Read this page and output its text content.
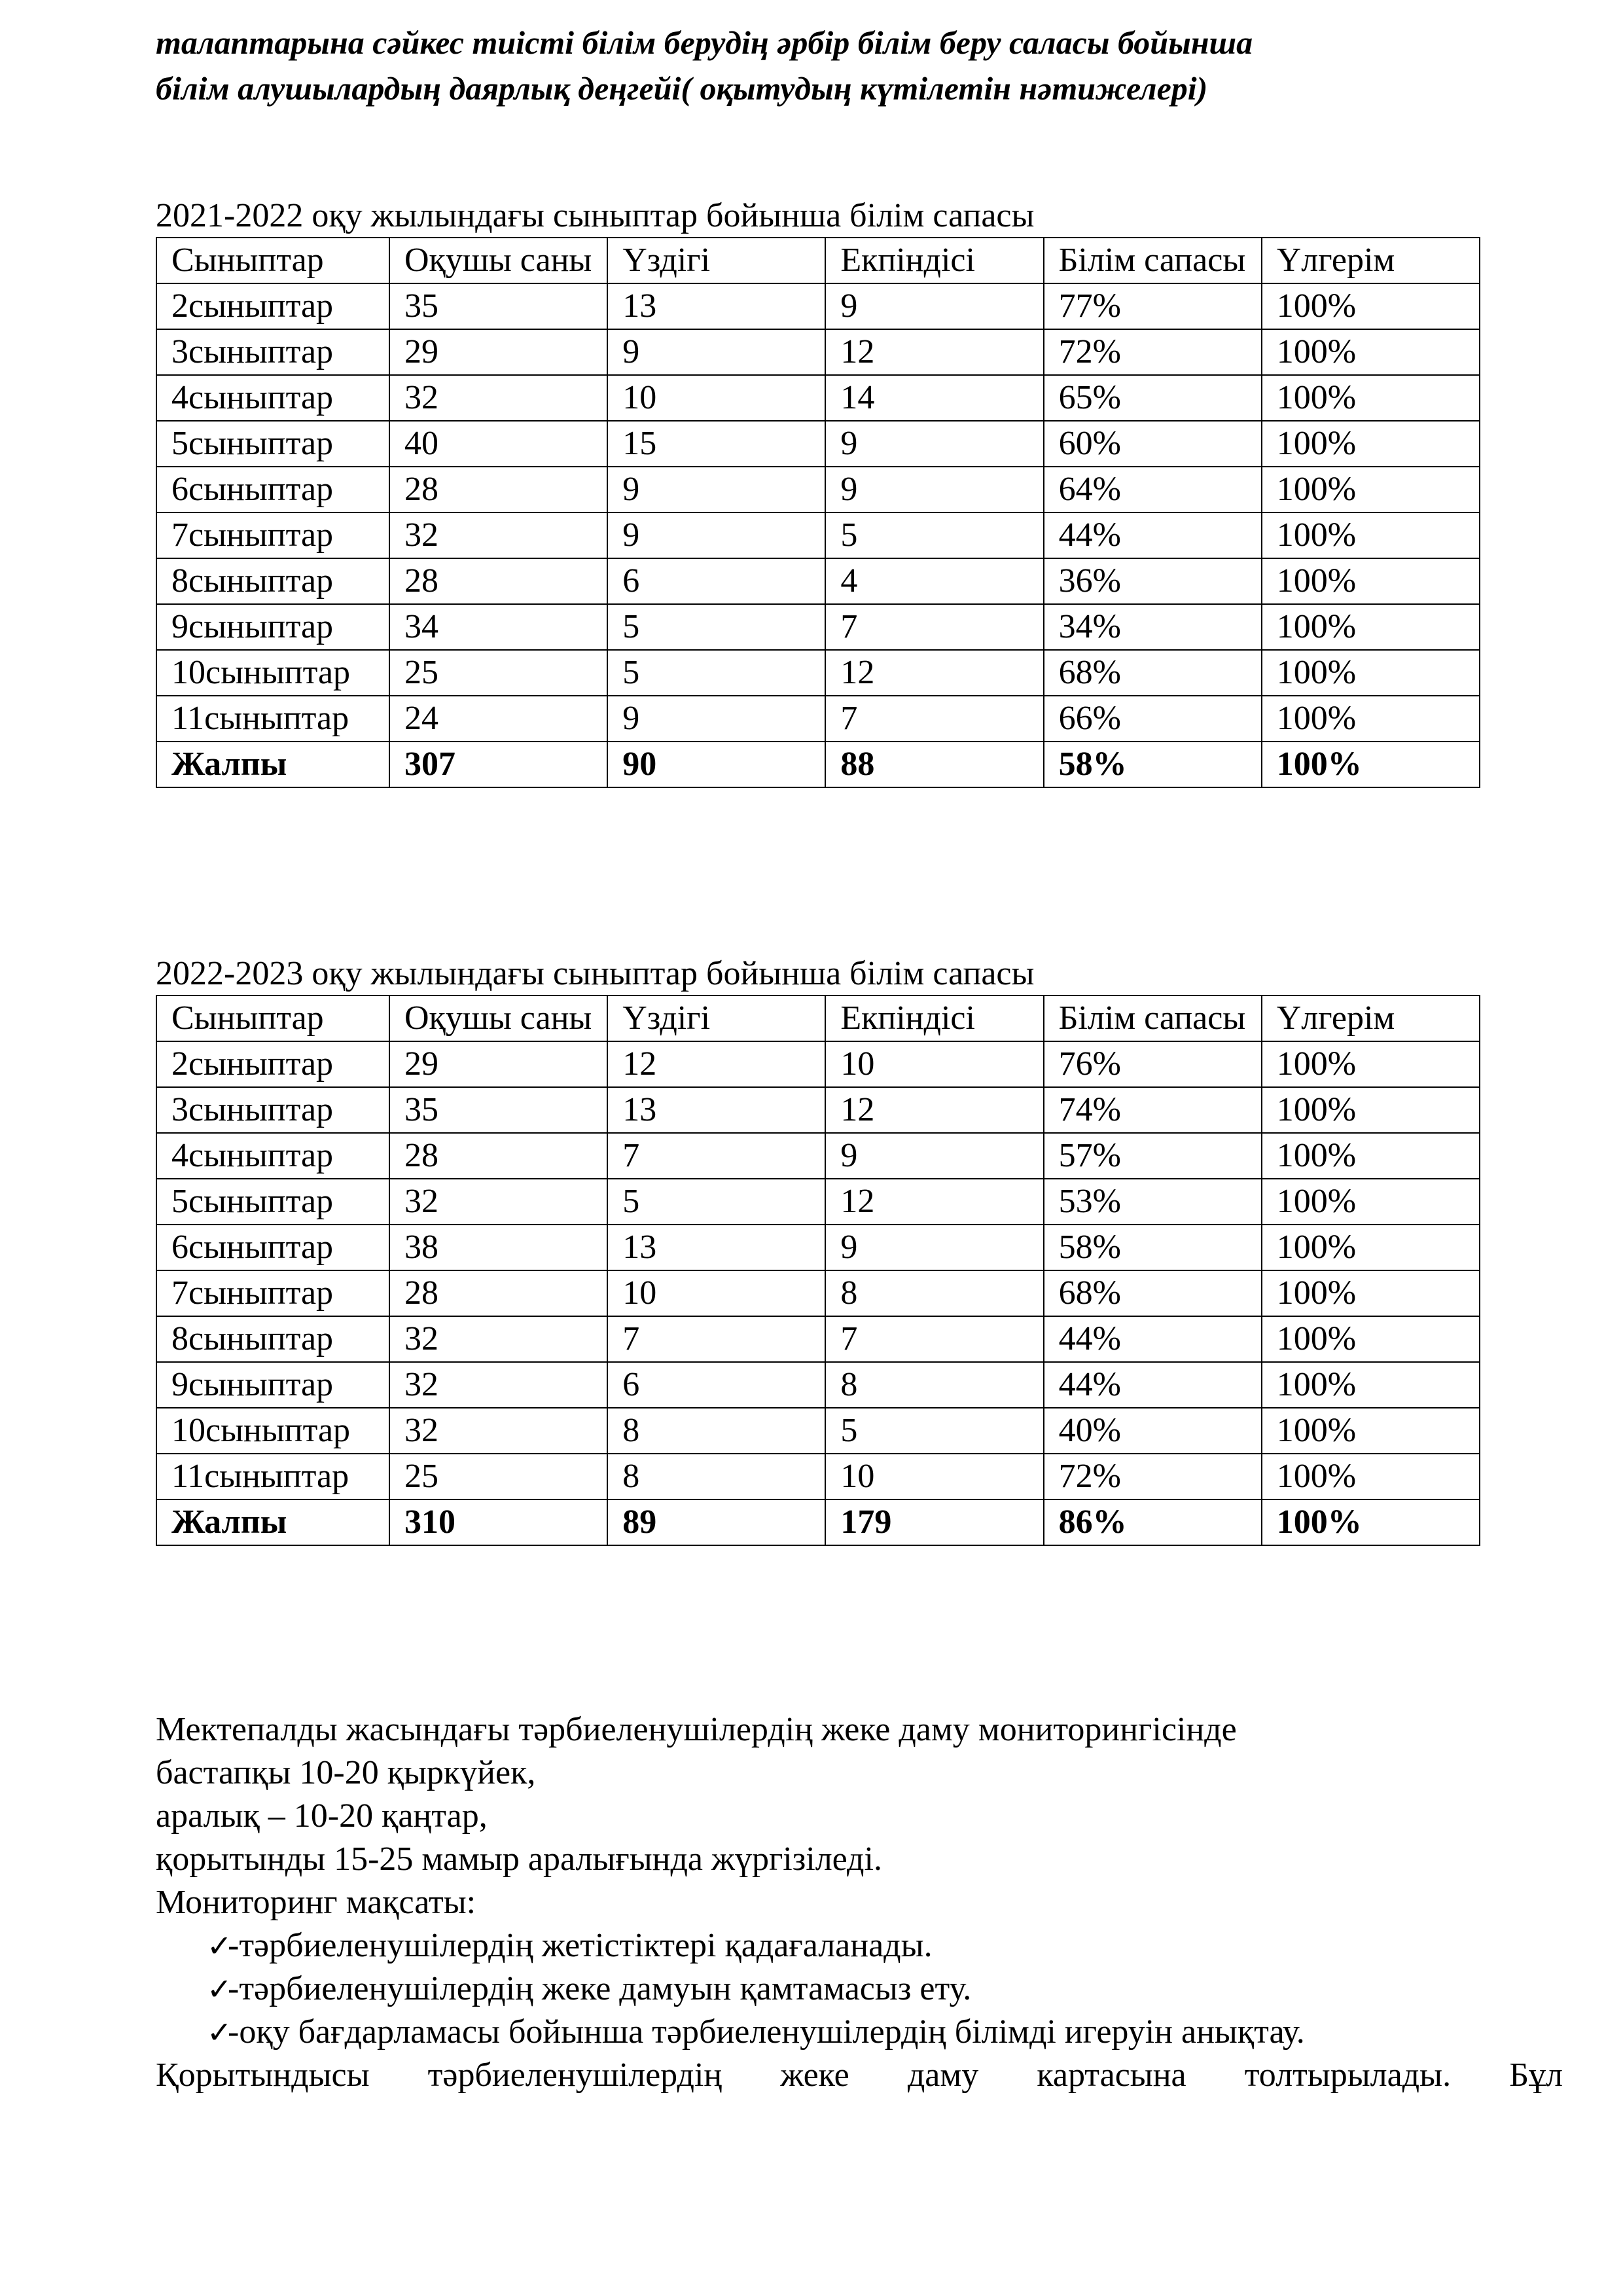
талаптарына сәйкес тиісті білім берудің әрбір білім беру саласы бойынша
білім алушылардың даярлық деңгейі( оқытудың күтілетін нәтижелері)
2021-2022 оқу жылындағы сыныптар бойынша білім сапасы
Сыныптар	Оқушы саны	Үздігі	Екпіндісі	Білім сапасы	Үлгерім
2сыныптар	35	13	9	77%	100%
3сыныптар	29	9	12	72%	100%
4сыныптар	32	10	14	65%	100%
5сыныптар	40	15	9	60%	100%
6сыныптар	28	9	9	64%	100%
7сыныптар	32	9	5	44%	100%
8сыныптар	28	6	4	36%	100%
9сыныптар	34	5	7	34%	100%
10сыныптар	25	5	12	68%	100%
11сыныптар	24	9	7	66%	100%
Жалпы	307	90	88	58%	100%
2022-2023 оқу жылындағы сыныптар бойынша білім сапасы
Сыныптар	Оқушы саны	Үздігі	Екпіндісі	Білім сапасы	Үлгерім
2сыныптар	29	12	10	76%	100%
3сыныптар	35	13	12	74%	100%
4сыныптар	28	7	9	57%	100%
5сыныптар	32	5	12	53%	100%
6сыныптар	38	13	9	58%	100%
7сыныптар	28	10	8	68%	100%
8сыныптар	32	7	7	44%	100%
9сыныптар	32	6	8	44%	100%
10сыныптар	32	8	5	40%	100%
11сыныптар	25	8	10	72%	100%
Жалпы	310	89	179	86%	100%
Мектепалды жасындағы тәрбиеленушілердің жеке даму мониторингісінде
бастапқы 10-20 қыркүйек,
аралық – 10-20 қаңтар,
қорытынды 15-25 мамыр аралығында жүргізіледі.
Мониторинг мақсаты:
✓
-тәрбиеленушілердің жетістіктері қадағаланады.
✓
-тәрбиеленушілердің жеке дамуын қамтамасыз ету.
✓
-оқу бағдарламасы бойынша тәрбиеленушілердің білімді игеруін анықтау.
Қорытындысы тәрбиеленушілердің жеке даму картасына толтырылады. Бұл
